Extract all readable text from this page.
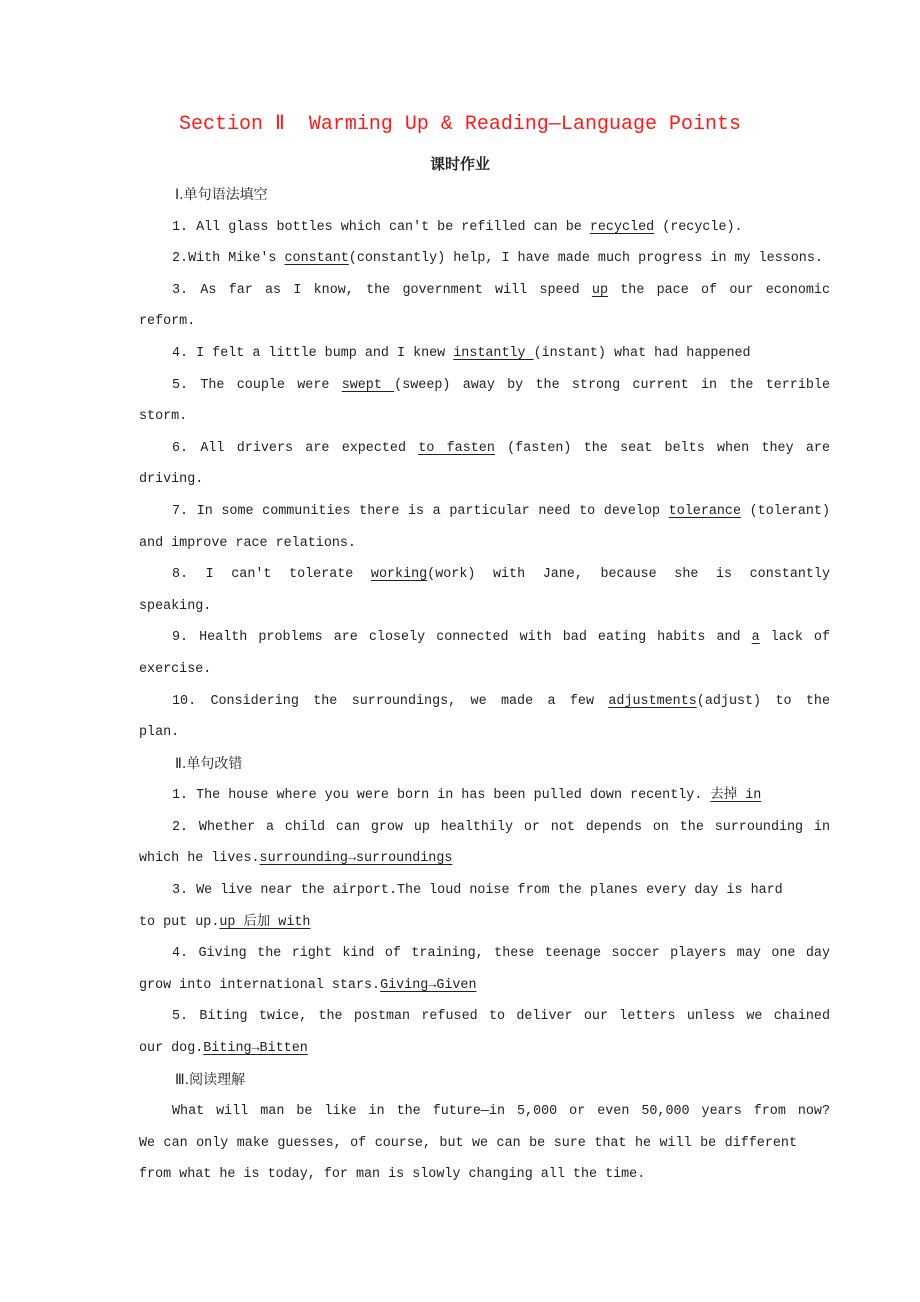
Section Ⅱ  Warming Up & Reading—Language Points
课时作业
Ⅰ.单句语法填空
1. All glass bottles which can't be refilled can be recycled (recycle).
2.With Mike's constant(constantly) help, I have made much progress in my lessons.
3. As far as I know, the government will speed up the pace of our economic
reform.
4. I felt a little bump and I knew instantly (instant) what had happened
5. The couple were swept (sweep) away by the strong current in the terrible
storm.
6. All drivers are expected to fasten (fasten) the seat belts when they are
driving.
7. In some communities there is a particular need to develop tolerance (tolerant)
and improve race relations.
8. I can't tolerate working(work) with Jane, because she is constantly
speaking.
9. Health problems are closely connected with bad eating habits and a lack of
exercise.
10. Considering the surroundings, we made a few adjustments(adjust) to the
plan.
Ⅱ.单句改错
1. The house where you were born in has been pulled down recently. 去掉 in
2. Whether a child can grow up healthily or not depends on the surrounding in
which he lives.surrounding→surroundings
3. We live near the airport.The loud noise from the planes every day is hard
to put up.up 后加 with
4. Giving the right kind of training, these teenage soccer players may one day
grow into international stars.Giving→Given
5. Biting twice, the postman refused to deliver our letters unless we chained
our dog.Biting→Bitten
Ⅲ.阅读理解
What will man be like in the future—in 5,000 or even 50,000 years from now?
We can only make guesses, of course, but we can be sure that he will be different
from what he is today, for man is slowly changing all the time.
